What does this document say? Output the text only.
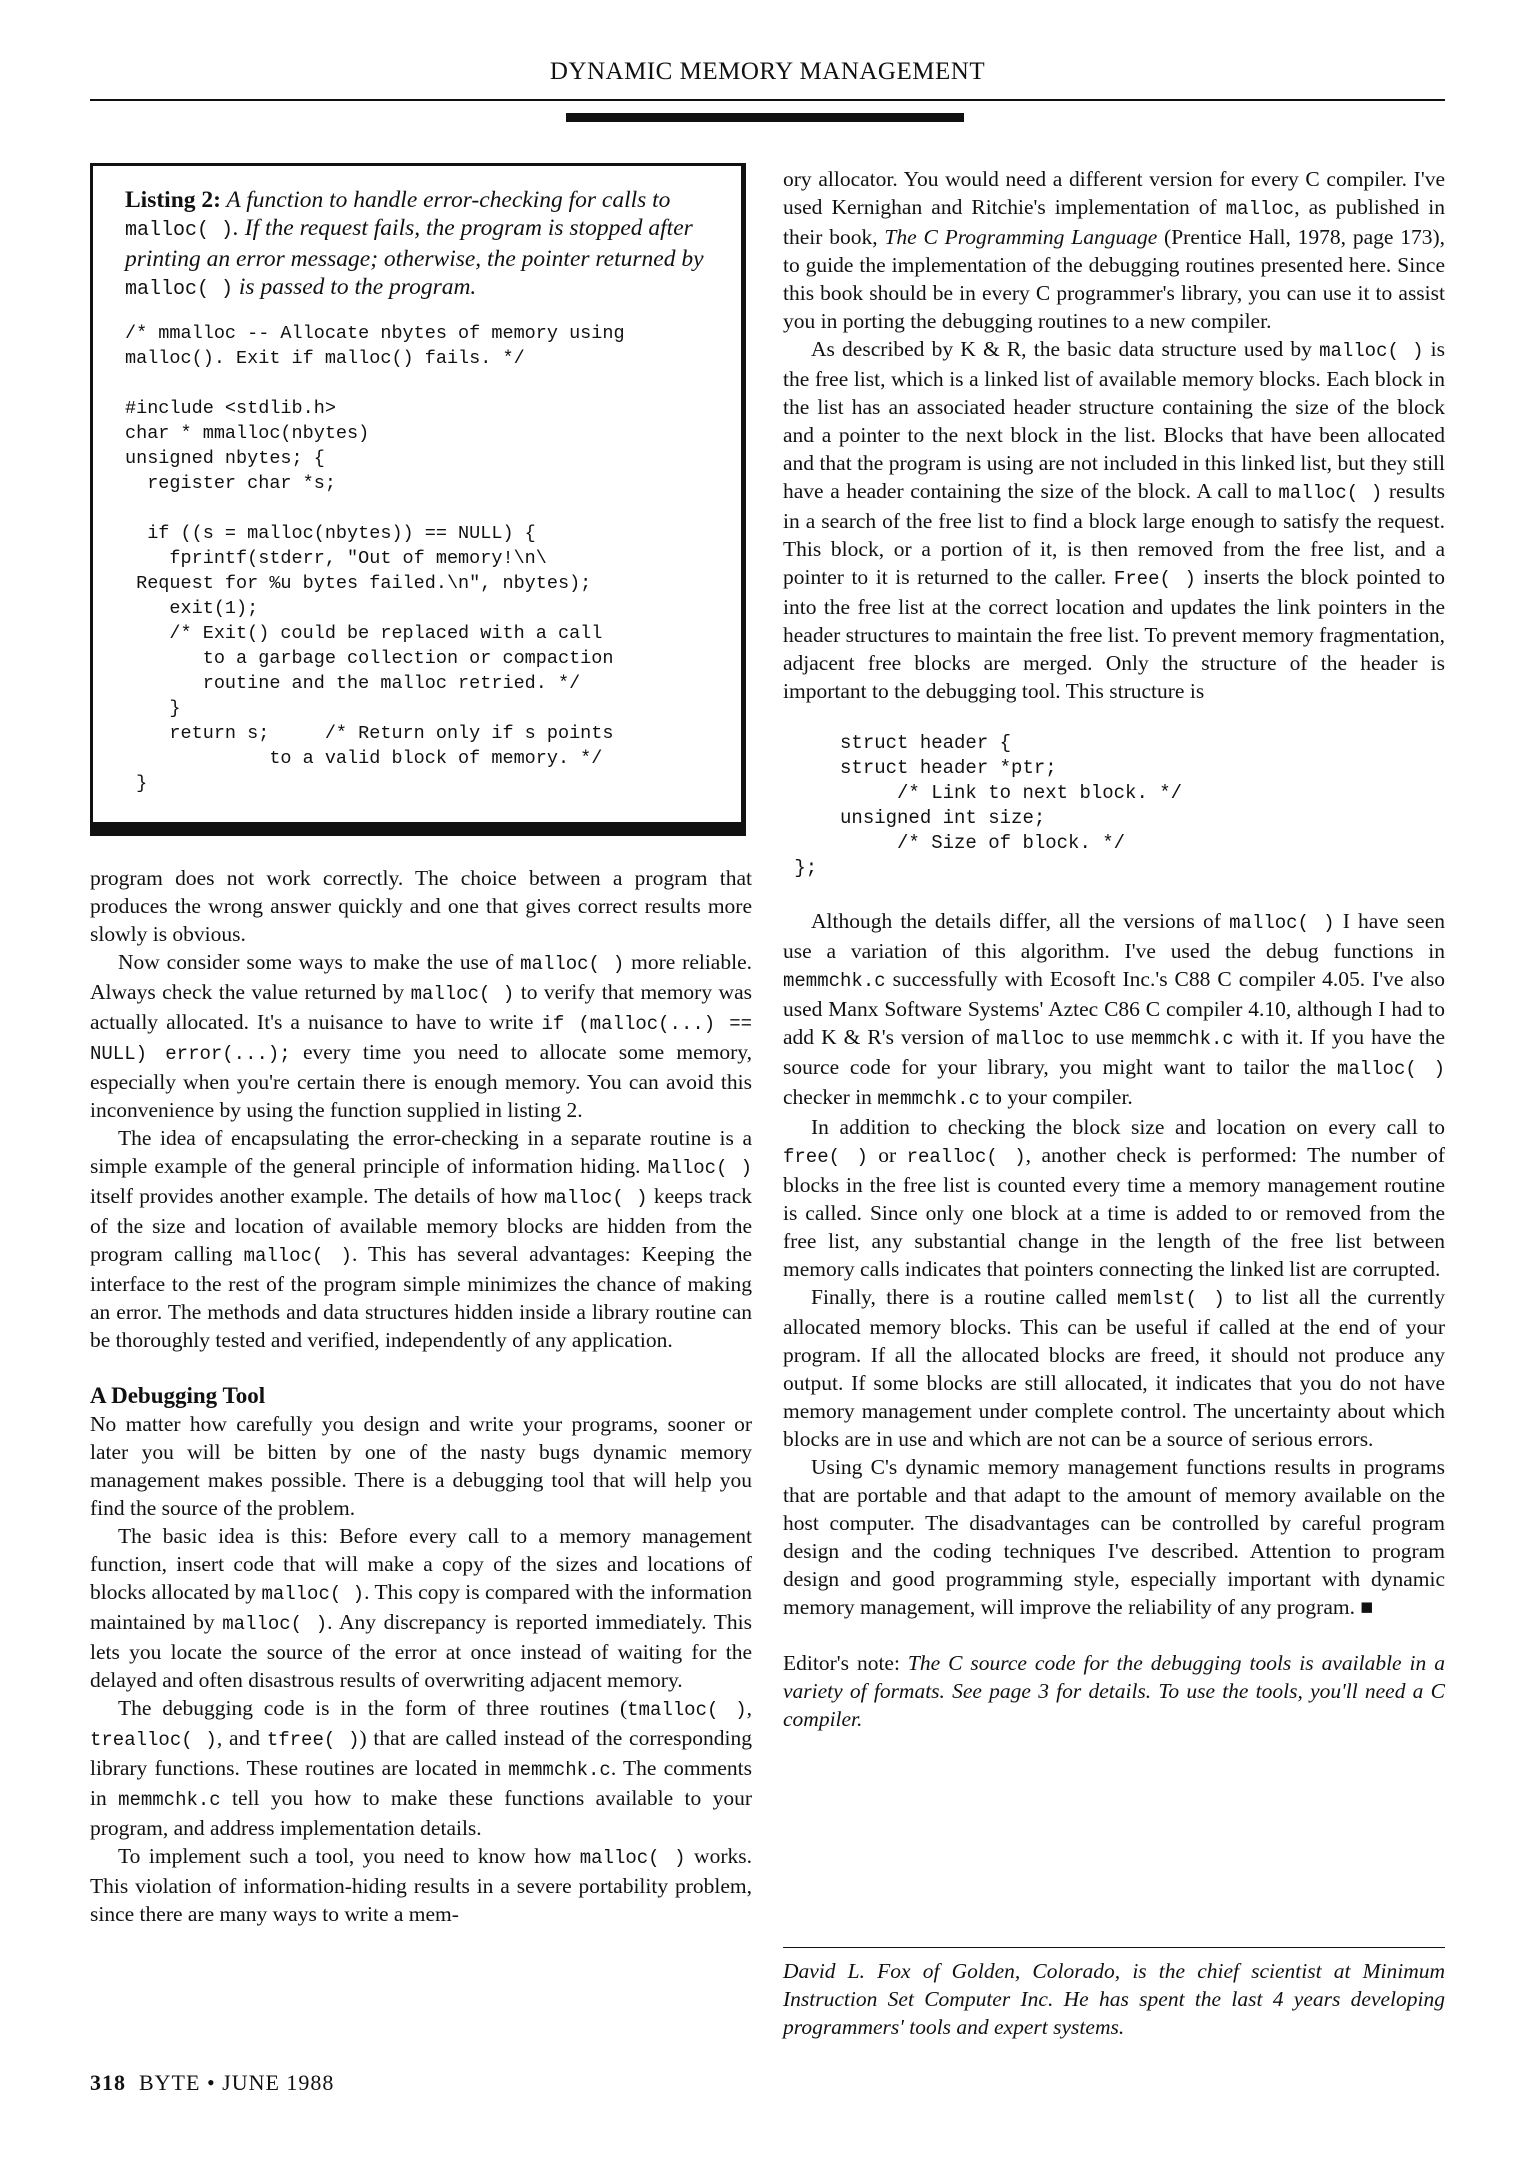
DYNAMIC MEMORY MANAGEMENT
Listing 2: A function to handle error-checking for calls to malloc( ). If the request fails, the program is stopped after printing an error message; otherwise, the pointer returned by malloc( ) is passed to the program.
/* mmalloc -- Allocate nbytes of memory using
malloc(). Exit if malloc() fails. */

#include <stdlib.h>
char * mmalloc(nbytes)
unsigned nbytes; {
register char *s;

if ((s = malloc(nbytes)) == NULL) {
fprintf(stderr, "Out of memory!\n\
Request for %u bytes failed.\n", nbytes);
exit(1);
/* Exit() could be replaced with a call
to a garbage collection or compaction
routine and the malloc retried. */
}
return s;     /* Return only if s points
to a valid block of memory. */
}

program does not work correctly. The choice between a program that produces the wrong answer quickly and one that gives correct results more slowly is obvious.

Now consider some ways to make the use of malloc( ) more reliable. Always check the value returned by malloc( ) to verify that memory was actually allocated. It's a nuisance to have to write if (malloc(...) == NULL) error(...); every time you need to allocate some memory, especially when you're certain there is enough memory. You can avoid this inconvenience by using the function supplied in listing 2.

The idea of encapsulating the error-checking in a separate routine is a simple example of the general principle of information hiding. Malloc( ) itself provides another example. The details of how malloc( ) keeps track of the size and location of available memory blocks are hidden from the program calling malloc( ). This has several advantages: Keeping the interface to the rest of the program simple minimizes the chance of making an error. The methods and data structures hidden inside a library routine can be thoroughly tested and verified, independently of any application.

A Debugging Tool

No matter how carefully you design and write your programs, sooner or later you will be bitten by one of the nasty bugs dynamic memory management makes possible. There is a debugging tool that will help you find the source of the problem.

The basic idea is this: Before every call to a memory management function, insert code that will make a copy of the sizes and locations of blocks allocated by malloc( ). This copy is compared with the information maintained by malloc( ). Any discrepancy is reported immediately. This lets you locate the source of the error at once instead of waiting for the delayed and often disastrous results of overwriting adjacent memory.

The debugging code is in the form of three routines (tmalloc( ), trealloc( ), and tfree( )) that are called instead of the corresponding library functions. These routines are located in memmchk.c. The comments in memmchk.c tell you how to make these functions available to your program, and address implementation details.

To implement such a tool, you need to know how malloc( ) works. This violation of information-hiding results in a severe portability problem, since there are many ways to write a mem-

ory allocator. You would need a different version for every C compiler. I've used Kernighan and Ritchie's implementation of malloc, as published in their book, The C Programming Language (Prentice Hall, 1978, page 173), to guide the implementation of the debugging routines presented here. Since this book should be in every C programmer's library, you can use it to assist you in porting the debugging routines to a new compiler.

As described by K & R, the basic data structure used by malloc( ) is the free list, which is a linked list of available memory blocks. Each block in the list has an associated header structure containing the size of the block and a pointer to the next block in the list. Blocks that have been allocated and that the program is using are not included in this linked list, but they still have a header containing the size of the block. A call to malloc( ) results in a search of the free list to find a block large enough to satisfy the request. This block, or a portion of it, is then removed from the free list, and a pointer to it is returned to the caller. Free( ) inserts the block pointed to into the free list at the correct location and updates the link pointers in the header structures to maintain the free list. To prevent memory fragmentation, adjacent free blocks are merged. Only the structure of the header is important to the debugging tool. This structure is

struct header {
struct header *ptr;
/* Link to next block. */
unsigned int size;
/* Size of block. */
};

Although the details differ, all the versions of malloc( ) I have seen use a variation of this algorithm. I've used the debug functions in memmchk.c successfully with Ecosoft Inc.'s C88 C compiler 4.05. I've also used Manx Software Systems' Aztec C86 C compiler 4.10, although I had to add K & R's version of malloc to use memmchk.c with it. If you have the source code for your library, you might want to tailor the malloc( ) checker in memmchk.c to your compiler.

In addition to checking the block size and location on every call to free( ) or realloc( ), another check is performed: The number of blocks in the free list is counted every time a memory management routine is called. Since only one block at a time is added to or removed from the free list, any substantial change in the length of the free list between memory calls indicates that pointers connecting the linked list are corrupted.

Finally, there is a routine called memlst( ) to list all the currently allocated memory blocks. This can be useful if called at the end of your program. If all the allocated blocks are freed, it should not produce any output. If some blocks are still allocated, it indicates that you do not have memory management under complete control. The uncertainty about which blocks are in use and which are not can be a source of serious errors.

Using C's dynamic memory management functions results in programs that are portable and that adapt to the amount of memory available on the host computer. The disadvantages can be controlled by careful program design and the coding techniques I've described. Attention to program design and good programming style, especially important with dynamic memory management, will improve the reliability of any program. ■

Editor's note: The C source code for the debugging tools is available in a variety of formats. See page 3 for details. To use the tools, you'll need a C compiler.

David L. Fox of Golden, Colorado, is the chief scientist at Minimum Instruction Set Computer Inc. He has spent the last 4 years developing programmers' tools and expert systems.

318 BYTE • JUNE 1988
